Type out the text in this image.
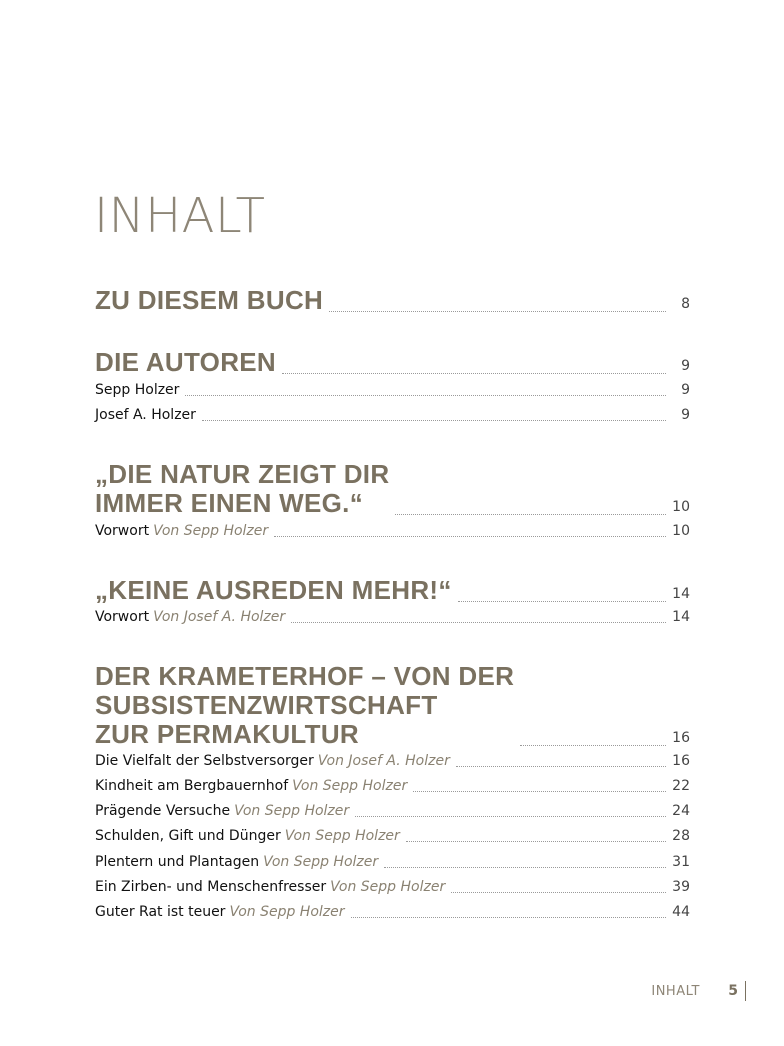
INHALT
ZU DIESEM BUCH	8
DIE AUTOREN	9
Sepp Holzer	9
Josef A. Holzer	9
„DIE NATUR ZEIGT DIR
IMMER EINEN WEG.“	10
Vorwort Von Sepp Holzer	10
„KEINE AUSREDEN MEHR!“	14
Vorwort Von Josef A. Holzer	14
DER KRAMETERHOF – VON DER
SUBSISTENZWIRTSCHAFT
ZUR PERMAKULTUR	16
Die Vielfalt der Selbstversorger Von Josef A. Holzer	16
Kindheit am Bergbauernhof Von Sepp Holzer	22
Prägende Versuche Von Sepp Holzer	24
Schulden, Gift und Dünger Von Sepp Holzer	28
Plentern und Plantagen Von Sepp Holzer	31
Ein Zirben- und Menschenfresser Von Sepp Holzer	39
Guter Rat ist teuer Von Sepp Holzer	44
INHALT 5
